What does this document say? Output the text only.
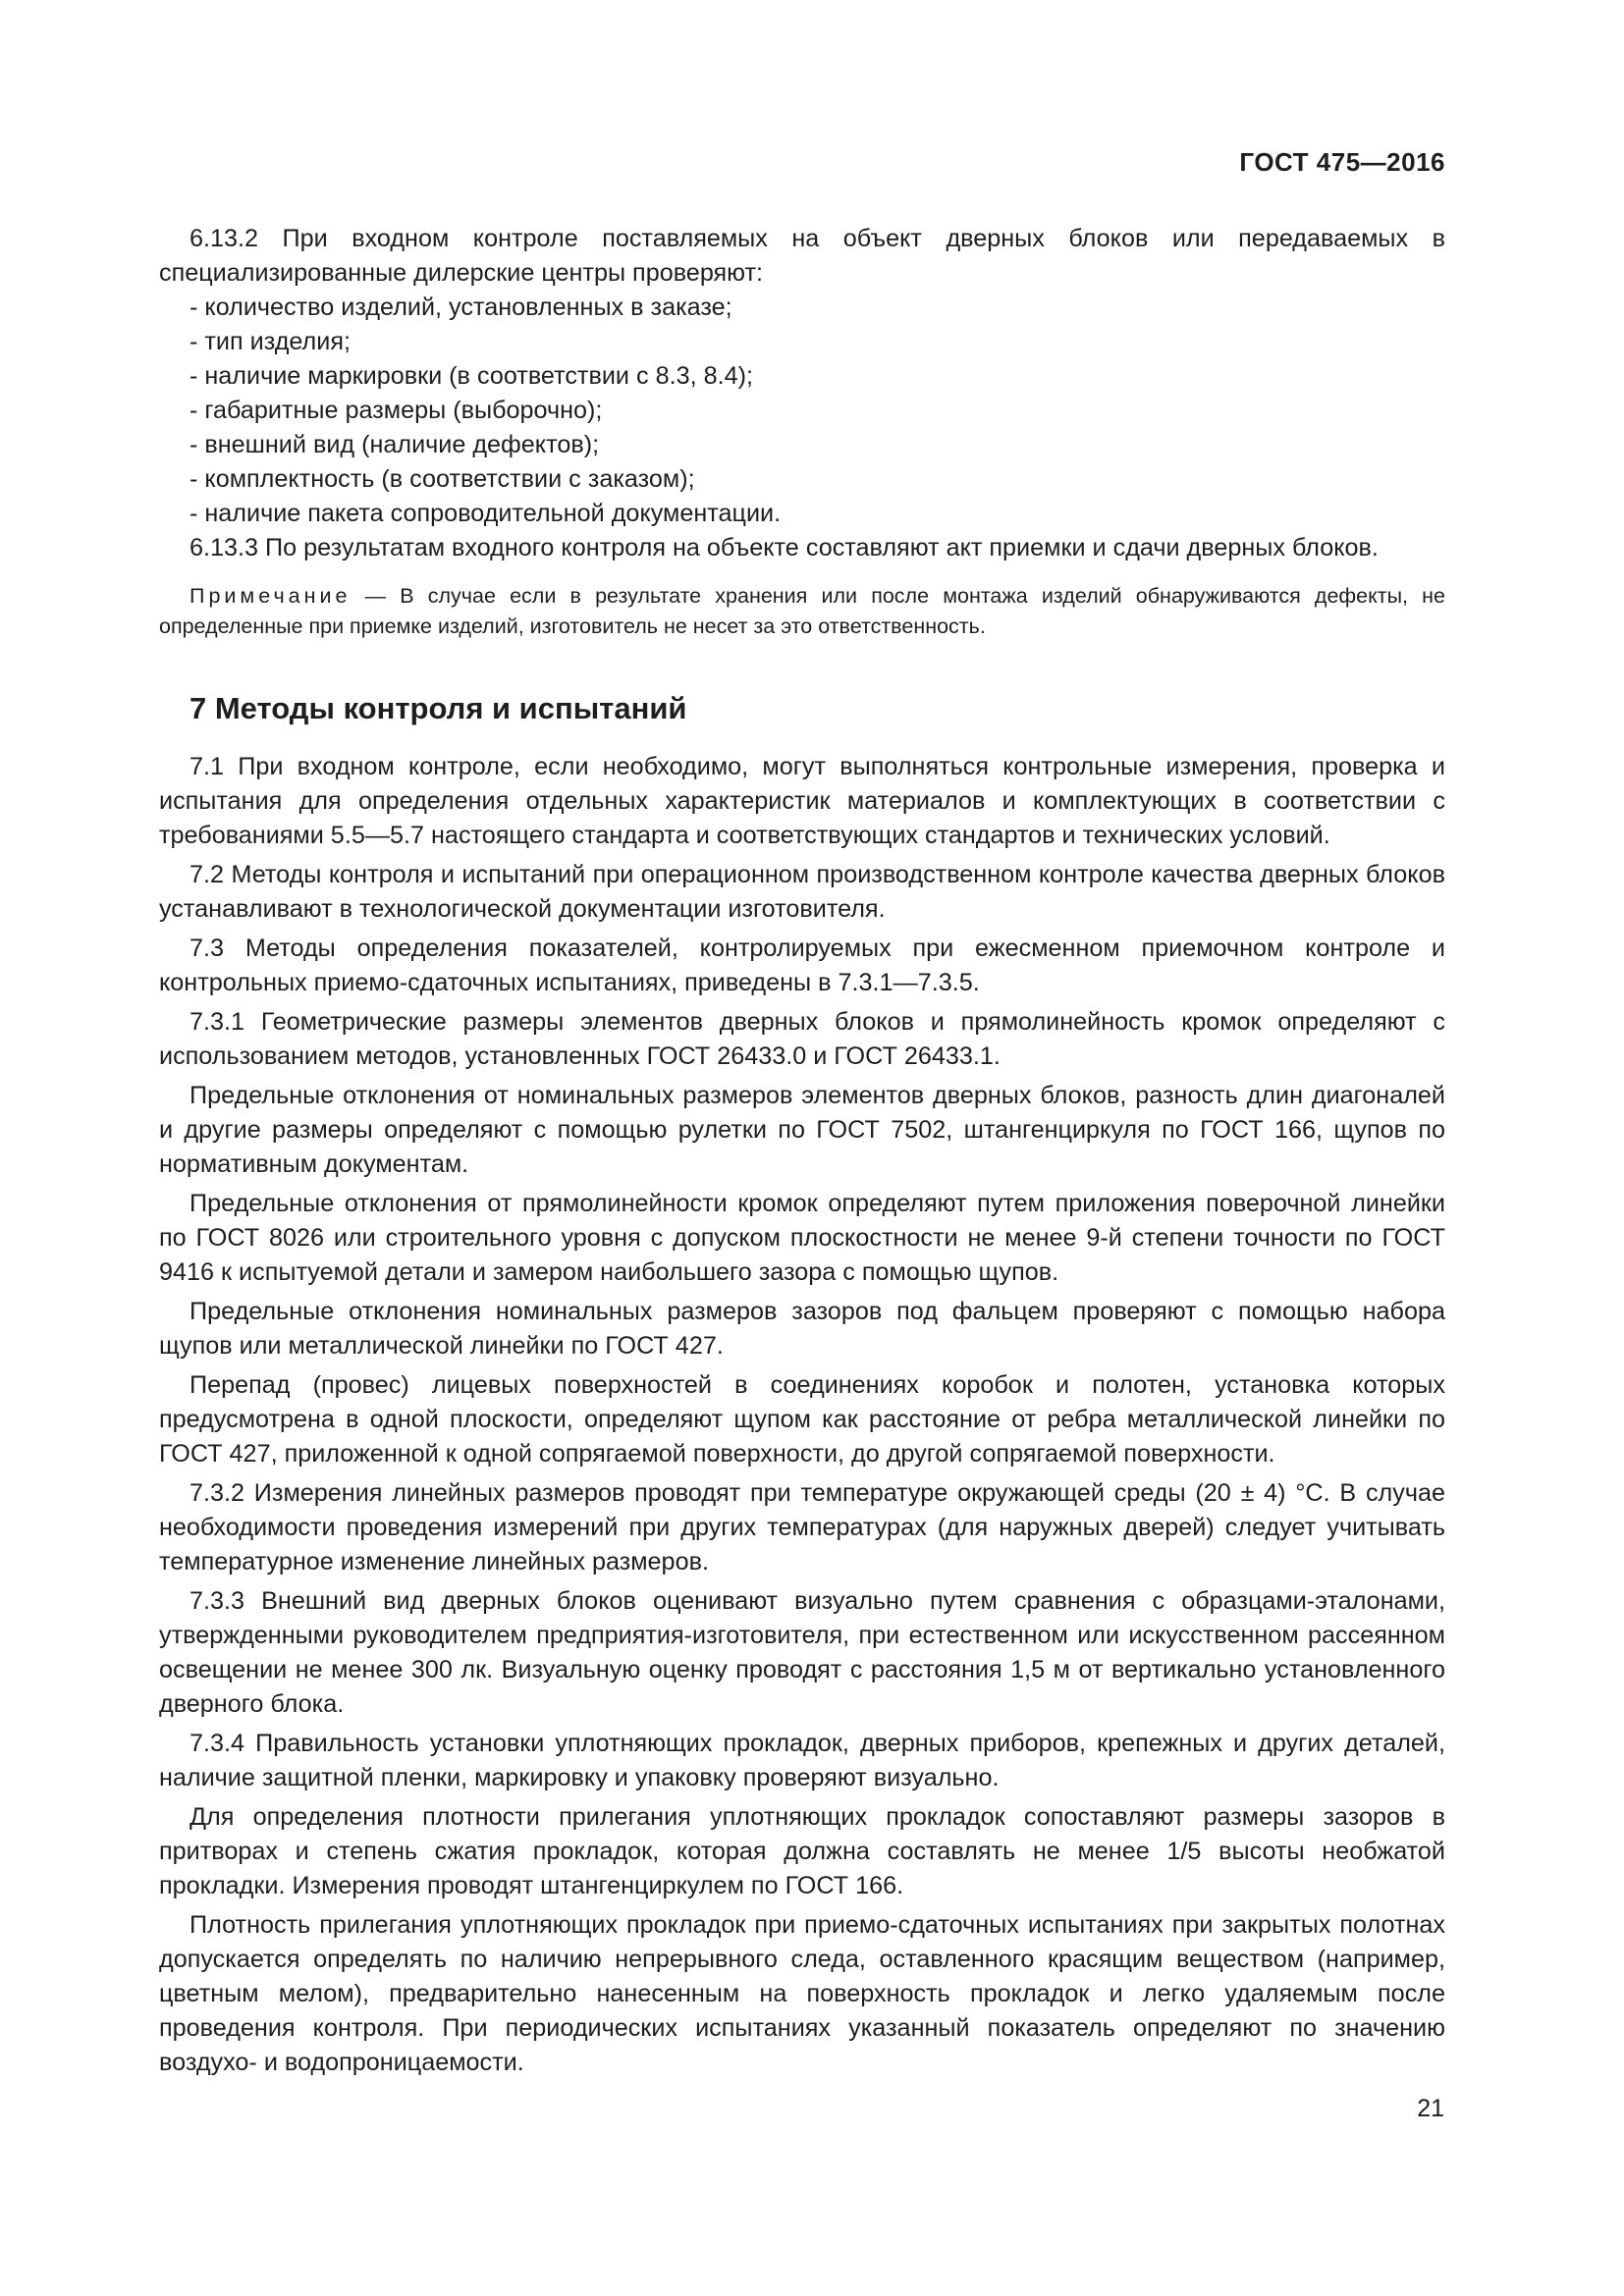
ГОСТ 475—2016

6.13.2 При входном контроле поставляемых на объект дверных блоков или передаваемых в специализированные дилерские центры проверяют:

- количество изделий, установленных в заказе;

- тип изделия;

- наличие маркировки (в соответствии с 8.3, 8.4);

- габаритные размеры (выборочно);

- внешний вид (наличие дефектов);

- комплектность (в соответствии с заказом);

- наличие пакета сопроводительной документации.

6.13.3 По результатам входного контроля на объекте составляют акт приемки и сдачи дверных блоков.

Примечание — В случае если в результате хранения или после монтажа изделий обнаруживаются дефекты, не определенные при приемке изделий, изготовитель не несет за это ответственность.

7 Методы контроля и испытаний

7.1 При входном контроле, если необходимо, могут выполняться контрольные измерения, проверка и испытания для определения отдельных характеристик материалов и комплектующих в соответствии с требованиями 5.5—5.7 настоящего стандарта и соответствующих стандартов и технических условий.

7.2 Методы контроля и испытаний при операционном производственном контроле качества дверных блоков устанавливают в технологической документации изготовителя.

7.3 Методы определения показателей, контролируемых при ежесменном приемочном контроле и контрольных приемо-сдаточных испытаниях, приведены в 7.3.1—7.3.5.

7.3.1 Геометрические размеры элементов дверных блоков и прямолинейность кромок определяют с использованием методов, установленных ГОСТ 26433.0 и ГОСТ 26433.1.

Предельные отклонения от номинальных размеров элементов дверных блоков, разность длин диагоналей и другие размеры определяют с помощью рулетки по ГОСТ 7502, штангенциркуля по ГОСТ 166, щупов по нормативным документам.

Предельные отклонения от прямолинейности кромок определяют путем приложения поверочной линейки по ГОСТ 8026 или строительного уровня с допуском плоскостности не менее 9-й степени точности по ГОСТ 9416 к испытуемой детали и замером наибольшего зазора с помощью щупов.

Предельные отклонения номинальных размеров зазоров под фальцем проверяют с помощью набора щупов или металлической линейки по ГОСТ 427.

Перепад (провес) лицевых поверхностей в соединениях коробок и полотен, установка которых предусмотрена в одной плоскости, определяют щупом как расстояние от ребра металлической линейки по ГОСТ 427, приложенной к одной сопрягаемой поверхности, до другой сопрягаемой поверхности.

7.3.2 Измерения линейных размеров проводят при температуре окружающей среды (20 ± 4) °С. В случае необходимости проведения измерений при других температурах (для наружных дверей) следует учитывать температурное изменение линейных размеров.

7.3.3 Внешний вид дверных блоков оценивают визуально путем сравнения с образцами-эталонами, утвержденными руководителем предприятия-изготовителя, при естественном или искусственном рассеянном освещении не менее 300 лк. Визуальную оценку проводят с расстояния 1,5 м от вертикально установленного дверного блока.

7.3.4 Правильность установки уплотняющих прокладок, дверных приборов, крепежных и других деталей, наличие защитной пленки, маркировку и упаковку проверяют визуально.

Для определения плотности прилегания уплотняющих прокладок сопоставляют размеры зазоров в притворах и степень сжатия прокладок, которая должна составлять не менее 1/5 высоты необжатой прокладки. Измерения проводят штангенциркулем по ГОСТ 166.

Плотность прилегания уплотняющих прокладок при приемо-сдаточных испытаниях при закрытых полотнах допускается определять по наличию непрерывного следа, оставленного красящим веществом (например, цветным мелом), предварительно нанесенным на поверхность прокладок и легко удаляемым после проведения контроля. При периодических испытаниях указанный показатель определяют по значению воздухо- и водопроницаемости.

21
